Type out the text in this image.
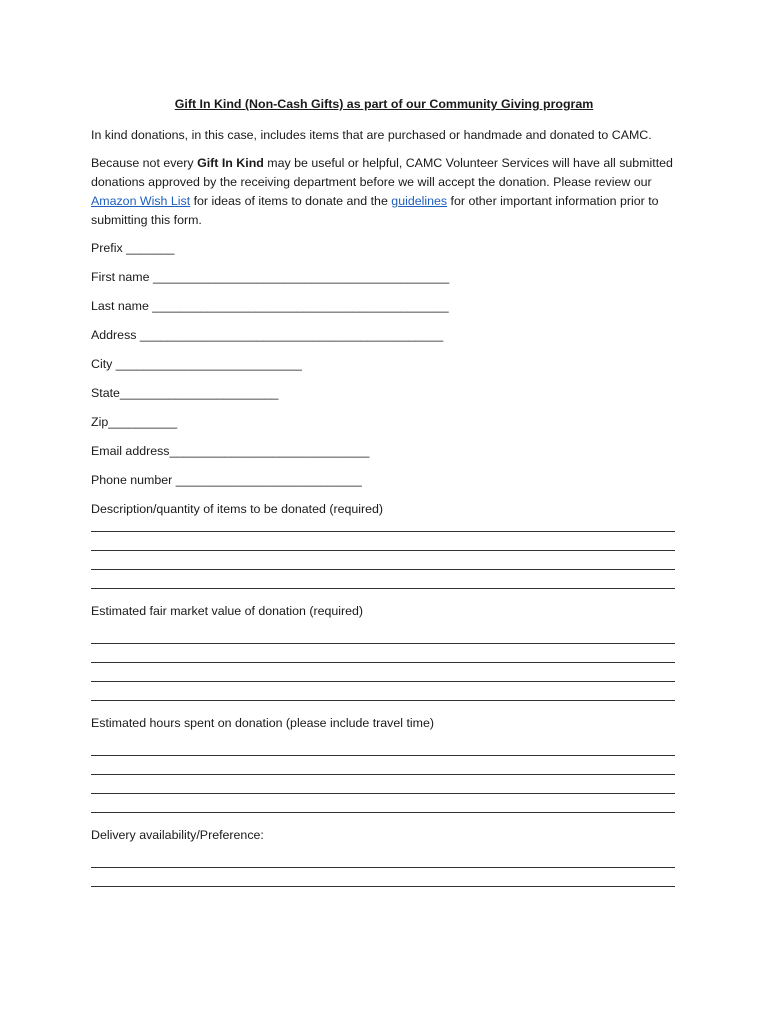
Gift In Kind (Non-Cash Gifts) as part of our Community Giving program

In kind donations, in this case, includes items that are purchased or handmade and donated to CAMC.

Because not every Gift In Kind may be useful or helpful, CAMC Volunteer Services will have all submitted donations approved by the receiving department before we will accept the donation. Please review our Amazon Wish List for ideas of items to donate and the guidelines for other important information prior to submitting this form.

Prefix _______
First name ___________________________________________
Last name ___________________________________________
Address ____________________________________________
City ___________________________
State_______________________
Zip__________
Email address_____________________________
Phone number ___________________________
Description/quantity of items to be donated (required)
Estimated fair market value of donation (required)
Estimated hours spent on donation (please include travel time)
Delivery availability/Preference:
